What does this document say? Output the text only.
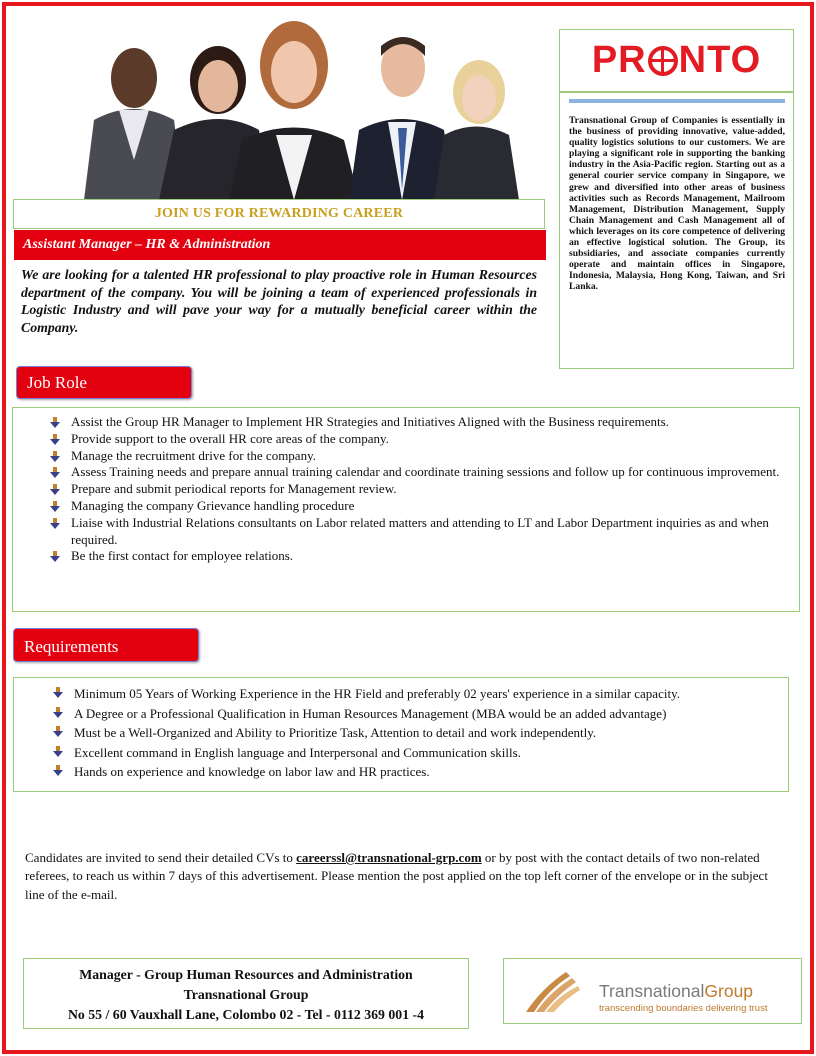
PR NTO

Transnational Group of Companies is essentially in the business of providing innovative, value-added, quality logistics solutions to our customers. We are playing a significant role in supporting the banking industry in the Asia-Pacific region. Starting out as a general courier service company in Singapore, we grew and diversified into other areas of business activities such as Records Management, Mailroom Management, Distribution Management, Supply Chain Management and Cash Management all of which leverages on its core competence of delivering an effective logistical solution. The Group, its subsidiaries, and associate companies currently operate and maintain offices in Singapore, Indonesia, Malaysia, Hong Kong, Taiwan, and Sri Lanka.

JOIN US FOR REWARDING CAREER
Assistant Manager – HR & Administration

We are looking for a talented HR professional to play proactive role in Human Resources department of the company. You will be joining a team of experienced professionals in Logistic Industry and will pave your way for a mutually beneficial career within the Company.

Job Role
Assist the Group HR Manager to Implement HR Strategies and Initiatives Aligned with the Business requirements.
Provide support to the overall HR core areas of the company.
Manage the recruitment drive for the company.
Assess Training needs and prepare annual training calendar and coordinate training sessions and follow up for continuous improvement.
Prepare and submit periodical reports for Management review.
Managing the company Grievance handling procedure
Liaise with Industrial Relations consultants on Labor related matters and attending to LT and Labor Department inquiries as and when required.
Be the first contact for employee relations.
Requirements
Minimum 05 Years of Working Experience in the HR Field and preferably 02 years' experience in a similar capacity.
A Degree or a Professional Qualification in Human Resources Management (MBA would be an added advantage)
Must be a Well-Organized and Ability to Prioritize Task, Attention to detail and work independently.
Excellent command in English language and Interpersonal and Communication skills.
Hands on experience and knowledge on labor law and HR practices.

Candidates are invited to send their detailed CVs to careerssl@transnational-grp.com or by post with the contact details of two non-related referees, to reach us within 7 days of this advertisement. Please mention the post applied on the top left corner of the envelope or in the subject line of the e-mail.

Manager - Group Human Resources and Administration
Transnational Group
No 55 / 60 Vauxhall Lane, Colombo 02 - Tel - 0112 369 001 -4
TransnationalGroup
transcending boundaries delivering trust
